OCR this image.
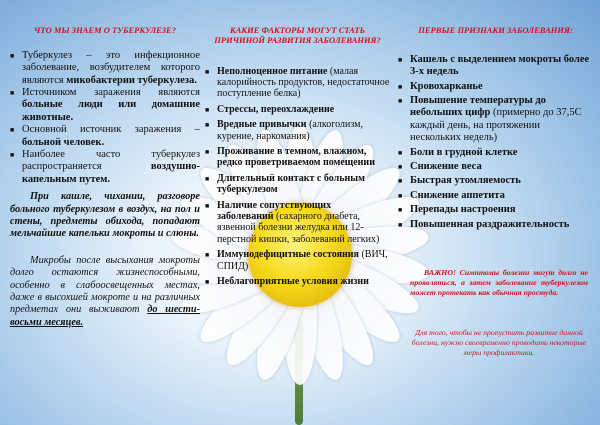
ЧТО МЫ ЗНАЕМ О ТУБЕРКУЛЕЗЕ?

■ Туберкулез – это инфекционное заболевание, возбудителем которого являются микобактерии туберкулеза.
■ Источником заражения являются больные люди или домашние животные.
■ Основной источник заражения – больной человек.
■ Наиболее часто туберкулез распространяется воздушно-капельным путем.

При кашле, чихании, разговоре больного туберкулезом в воздух, на пол и стены, предметы обихода, попадают мельчайшие капельки мокроты и слюны.

Микробы после высыхания мокроты долго остаются жизнеспособными, особенно в слабоосвещенных местах, даже в высохшей мокроте и на различных предметах они выживают до шести-восьми месяцев.

КАКИЕ ФАКТОРЫ МОГУТ СТАТЬ ПРИЧИНОЙ РАЗВИТИЯ ЗАБОЛЕВАНИЯ?

■ Неполноценное питание (малая калорийность продуктов, недостаточное поступление белка)
■ Стрессы, переохлаждение
■ Вредные привычки (алкоголизм, курение, наркомания)
■ Проживание в темном, влажном, редко проветриваемом помещении
■ Длительный контакт с больным туберкулезом
■ Наличие сопутствующих заболеваний (сахарного диабета, язвенной болезни желудка или 12-перстной кишки, заболеваний легких)
■ Иммунодефицитные состояния (ВИЧ, СПИД)
■ Неблагоприятные условия жизни

ПЕРВЫЕ ПРИЗНАКИ ЗАБОЛЕВАНИЯ:

■ Кашель с выделением мокроты более 3-х недель
■ Кровохарканье
■ Повышение температуры до небольших цифр (примерно до 37,5С каждый день, на протяжении нескольких недель)
■ Боли в грудной клетке
■ Снижение веса
■ Быстрая утомляемость
■ Снижение аппетита
■ Перепады настроения
■ Повышенная раздражительность

ВАЖНО! Симптомы болезни могут долго не проявляться, а затем заболевание туберкулезом может протекать как обычная простуда.

Для того, чтобы не пропустить развитие данной болезни, нужно своевременно проводить некоторые меры профилактики.
